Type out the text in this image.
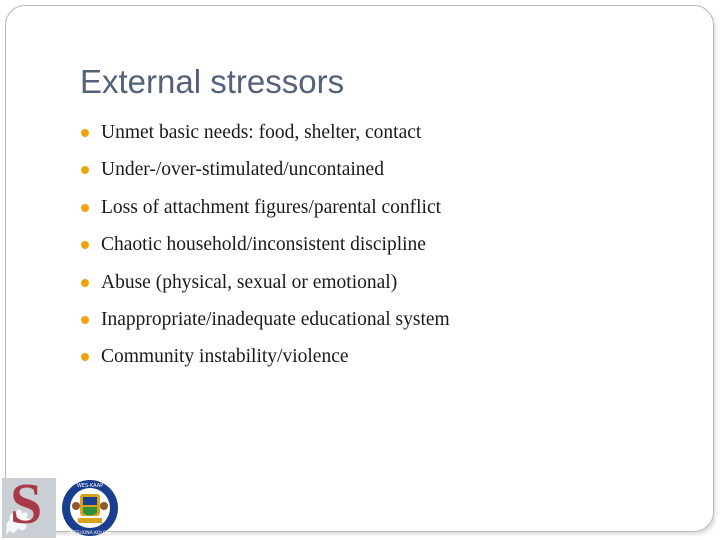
External stressors
Unmet basic needs: food, shelter, contact
Under-/over-stimulated/uncontained
Loss of attachment figures/parental conflict
Chaotic household/inconsistent discipline
Abuse (physical, sexual or emotional)
Inappropriate/inadequate educational system
Community instability/violence
S	WES-KAAP
INTSHONA KOLONI
